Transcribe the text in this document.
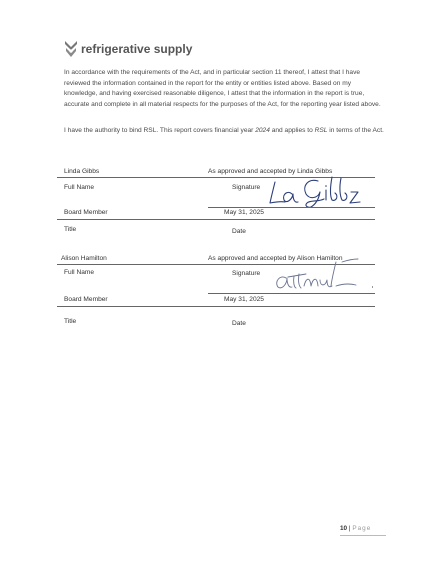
refrigerative supply
In accordance with the requirements of the Act, and in particular section 11 thereof, I attest that I have reviewed the information contained in the report for the entity or entities listed above. Based on my knowledge, and having exercised reasonable diligence, I attest that the information in the report is true, accurate and complete in all material respects for the purposes of the Act, for the reporting year listed above.
I have the authority to bind RSL. This report covers financial year 2024 and applies to RSL in terms of the Act.
Linda Gibbs	As approved and accepted by Linda Gibbs
Full Name	Signature
Board Member	May 31, 2025
Title	Date
Alison Hamilton	As approved and accepted by Alison Hamilton
Full Name	Signature
Board Member	May 31, 2025
Title	Date
10 | Page
